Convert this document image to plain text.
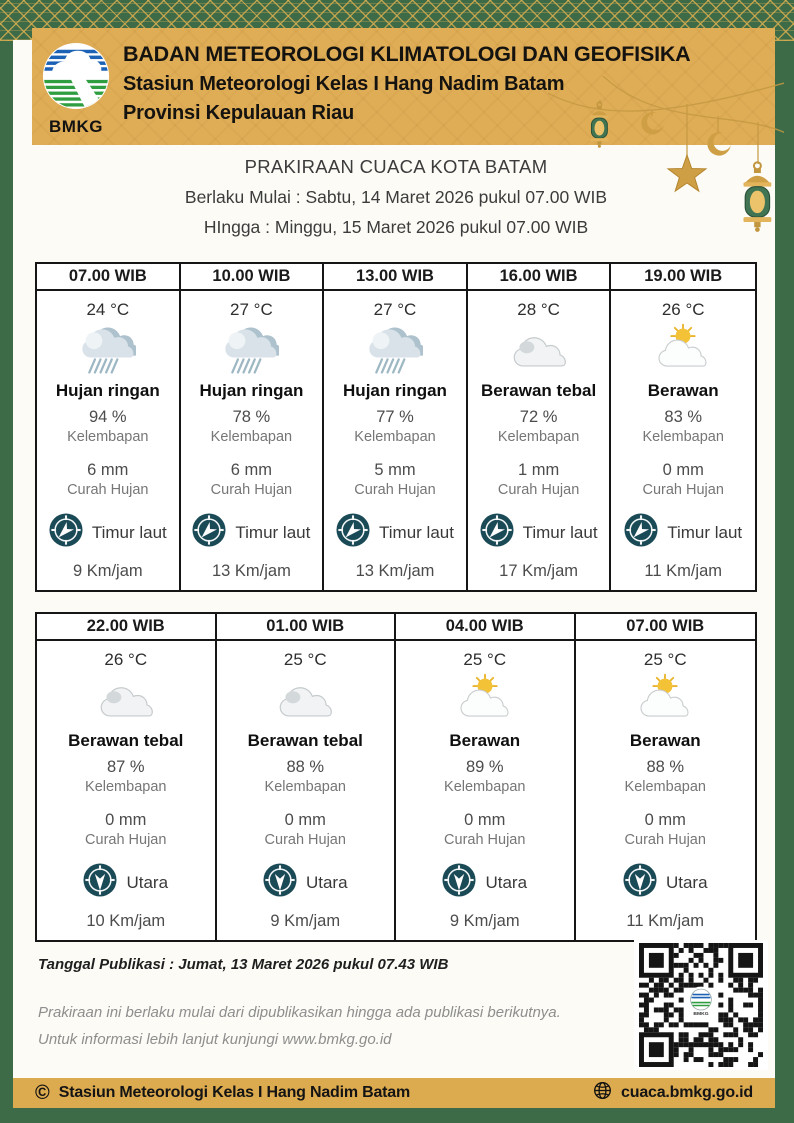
BMKG
BADAN METEOROLOGI KLIMATOLOGI DAN GEOFISIKA
Stasiun Meteorologi Kelas I Hang Nadim Batam
Provinsi Kepulauan Riau
PRAKIRAAN CUACA KOTA BATAM
Berlaku Mulai : Sabtu, 14 Maret 2026 pukul 07.00 WIB
HIngga : Minggu, 15 Maret 2026 pukul 07.00 WIB
07.00 WIB
24 °C
Hujan ringan
94 %
Kelembapan
6 mm
Curah Hujan
Timur laut
9 Km/jam
10.00 WIB
27 °C
Hujan ringan
78 %
Kelembapan
6 mm
Curah Hujan
Timur laut
13 Km/jam
13.00 WIB
27 °C
Hujan ringan
77 %
Kelembapan
5 mm
Curah Hujan
Timur laut
13 Km/jam
16.00 WIB
28 °C
Berawan tebal
72 %
Kelembapan
1 mm
Curah Hujan
Timur laut
17 Km/jam
19.00 WIB
26 °C
Berawan
83 %
Kelembapan
0 mm
Curah Hujan
Timur laut
11 Km/jam
22.00 WIB
26 °C
Berawan tebal
87 %
Kelembapan
0 mm
Curah Hujan
Utara
10 Km/jam
01.00 WIB
25 °C
Berawan tebal
88 %
Kelembapan
0 mm
Curah Hujan
Utara
9 Km/jam
04.00 WIB
25 °C
Berawan
89 %
Kelembapan
0 mm
Curah Hujan
Utara
9 Km/jam
07.00 WIB
25 °C
Berawan
88 %
Kelembapan
0 mm
Curah Hujan
Utara
11 Km/jam
Tanggal Publikasi : Jumat, 13 Maret 2026 pukul 07.43 WIB
Prakiraan ini berlaku mulai dari dipublikasikan hingga ada publikasi berikutnya.
Untuk informasi lebih lanjut kunjungi www.bmkg.go.id
BMKG
© Stasiun Meteorologi Kelas I Hang Nadim Batam	cuaca.bmkg.go.id
